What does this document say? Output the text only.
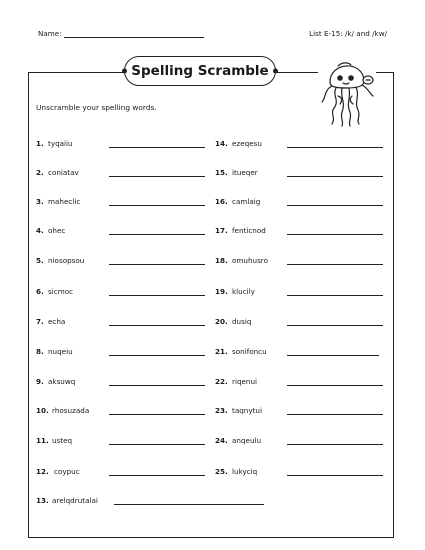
Name:	List E-15: /k/ and /kw/
Spelling Scramble
Unscramble your spelling words.
1. tyqaiiu
2. coniatav
3. maheclic
4. ohec
5. niosopsou
6. sicmoc
7. echa
8. nuqeiu
9. aksuwq
10. rhosuzada
11. usteq
12. coypuc
14. ezeqesu
15. itueqer
16. camlaig
17. fenticnod
18. omuhusro
19. klucily
20. dusiq
21. sonifoncu
22. riqenui
23. taqnytui
24. anqeulu
25. lukyciq
13. arelqdrutalai
